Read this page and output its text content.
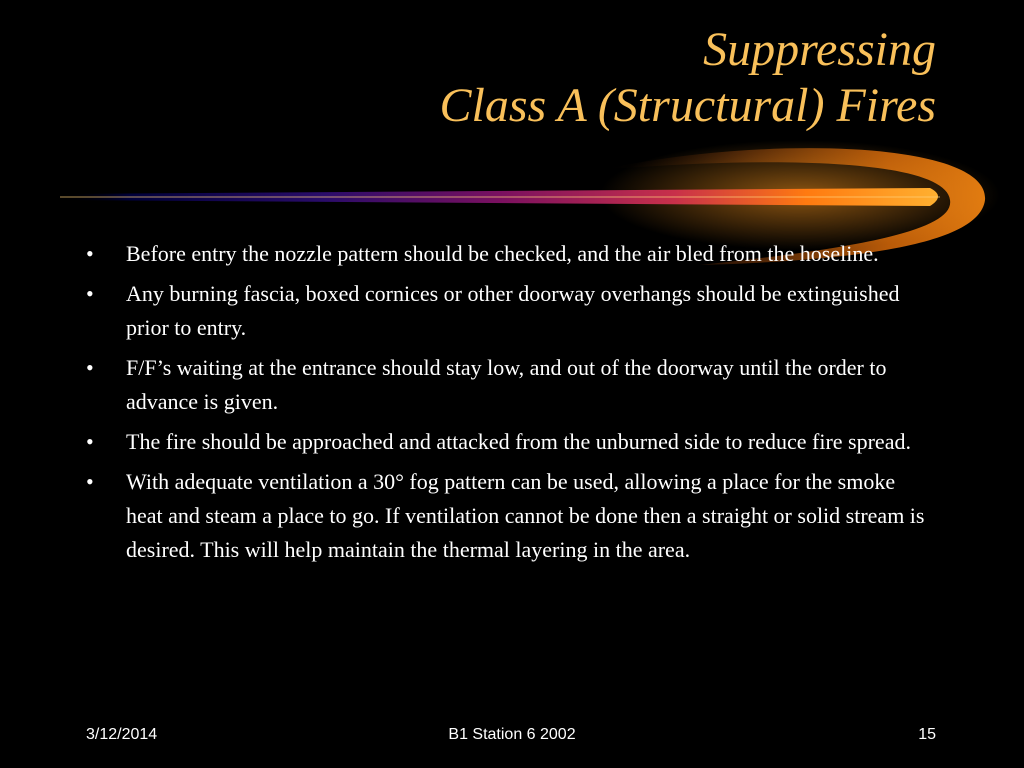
Suppressing
Class A (Structural) Fires
• Before entry the nozzle pattern should be checked, and the air bled from the hoseline.
• Any burning fascia, boxed cornices or other doorway overhangs should be extinguished prior to entry.
• F/F’s waiting at the entrance should stay low, and out of the doorway until the order to advance is given.
• The fire should be approached and attacked from the unburned side to reduce fire spread.
• With adequate ventilation a 30° fog pattern can be used, allowing a place for the smoke heat and steam a place to go. If ventilation cannot be done then a straight or solid stream is desired. This will help maintain the thermal layering in the area.
3/12/2014	B1 Station 6 2002	15
